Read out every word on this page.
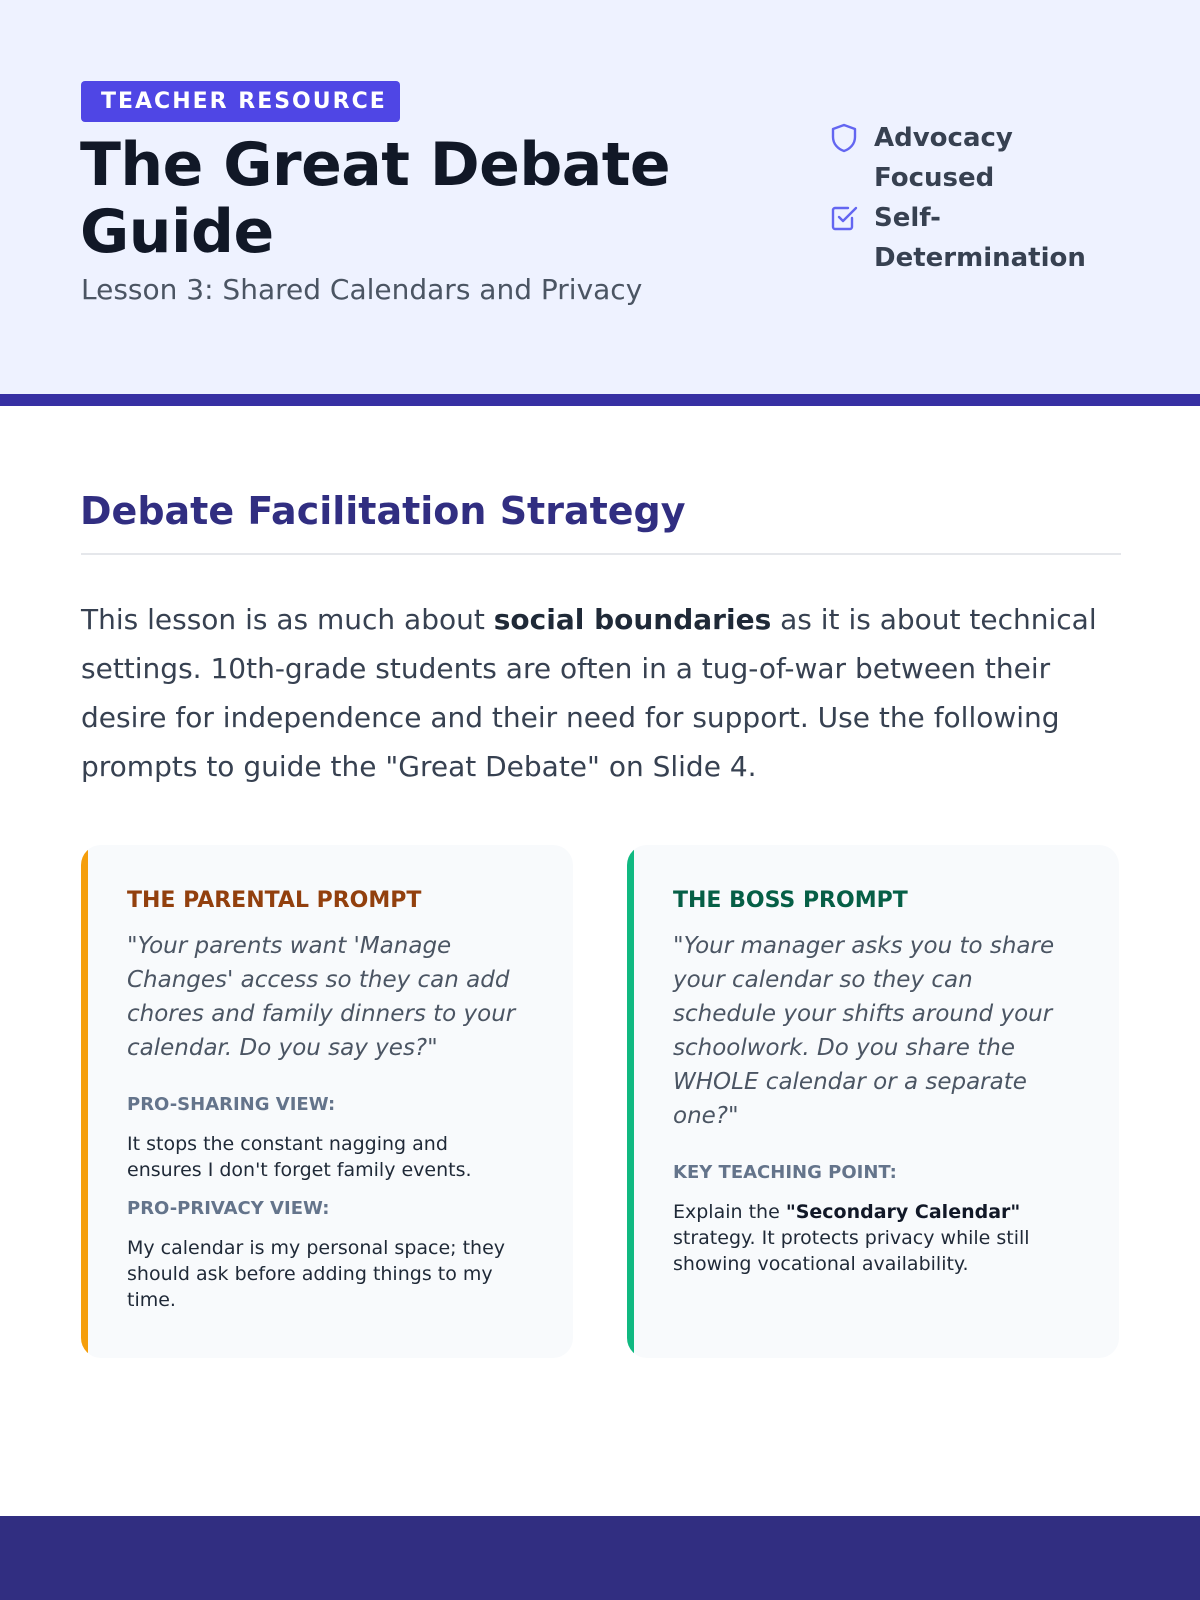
TEACHER RESOURCE
The Great Debate Guide
Lesson 3: Shared Calendars and Privacy
Advocacy Focused
Self-Determination
Debate Facilitation Strategy

This lesson is as much about social boundaries as it is about technical settings. 10th-grade students are often in a tug-of-war between their desire for independence and their need for support. Use the following prompts to guide the "Great Debate" on Slide 4.

THE PARENTAL PROMPT
"Your parents want 'Manage Changes' access so they can add chores and family dinners to your calendar. Do you say yes?"
PRO-SHARING VIEW:
It stops the constant nagging and ensures I don't forget family events.
PRO-PRIVACY VIEW:
My calendar is my personal space; they should ask before adding things to my time.
THE BOSS PROMPT
"Your manager asks you to share your calendar so they can schedule your shifts around your schoolwork. Do you share the WHOLE calendar or a separate one?"
KEY TEACHING POINT:
Explain the "Secondary Calendar" strategy. It protects privacy while still showing vocational availability.
